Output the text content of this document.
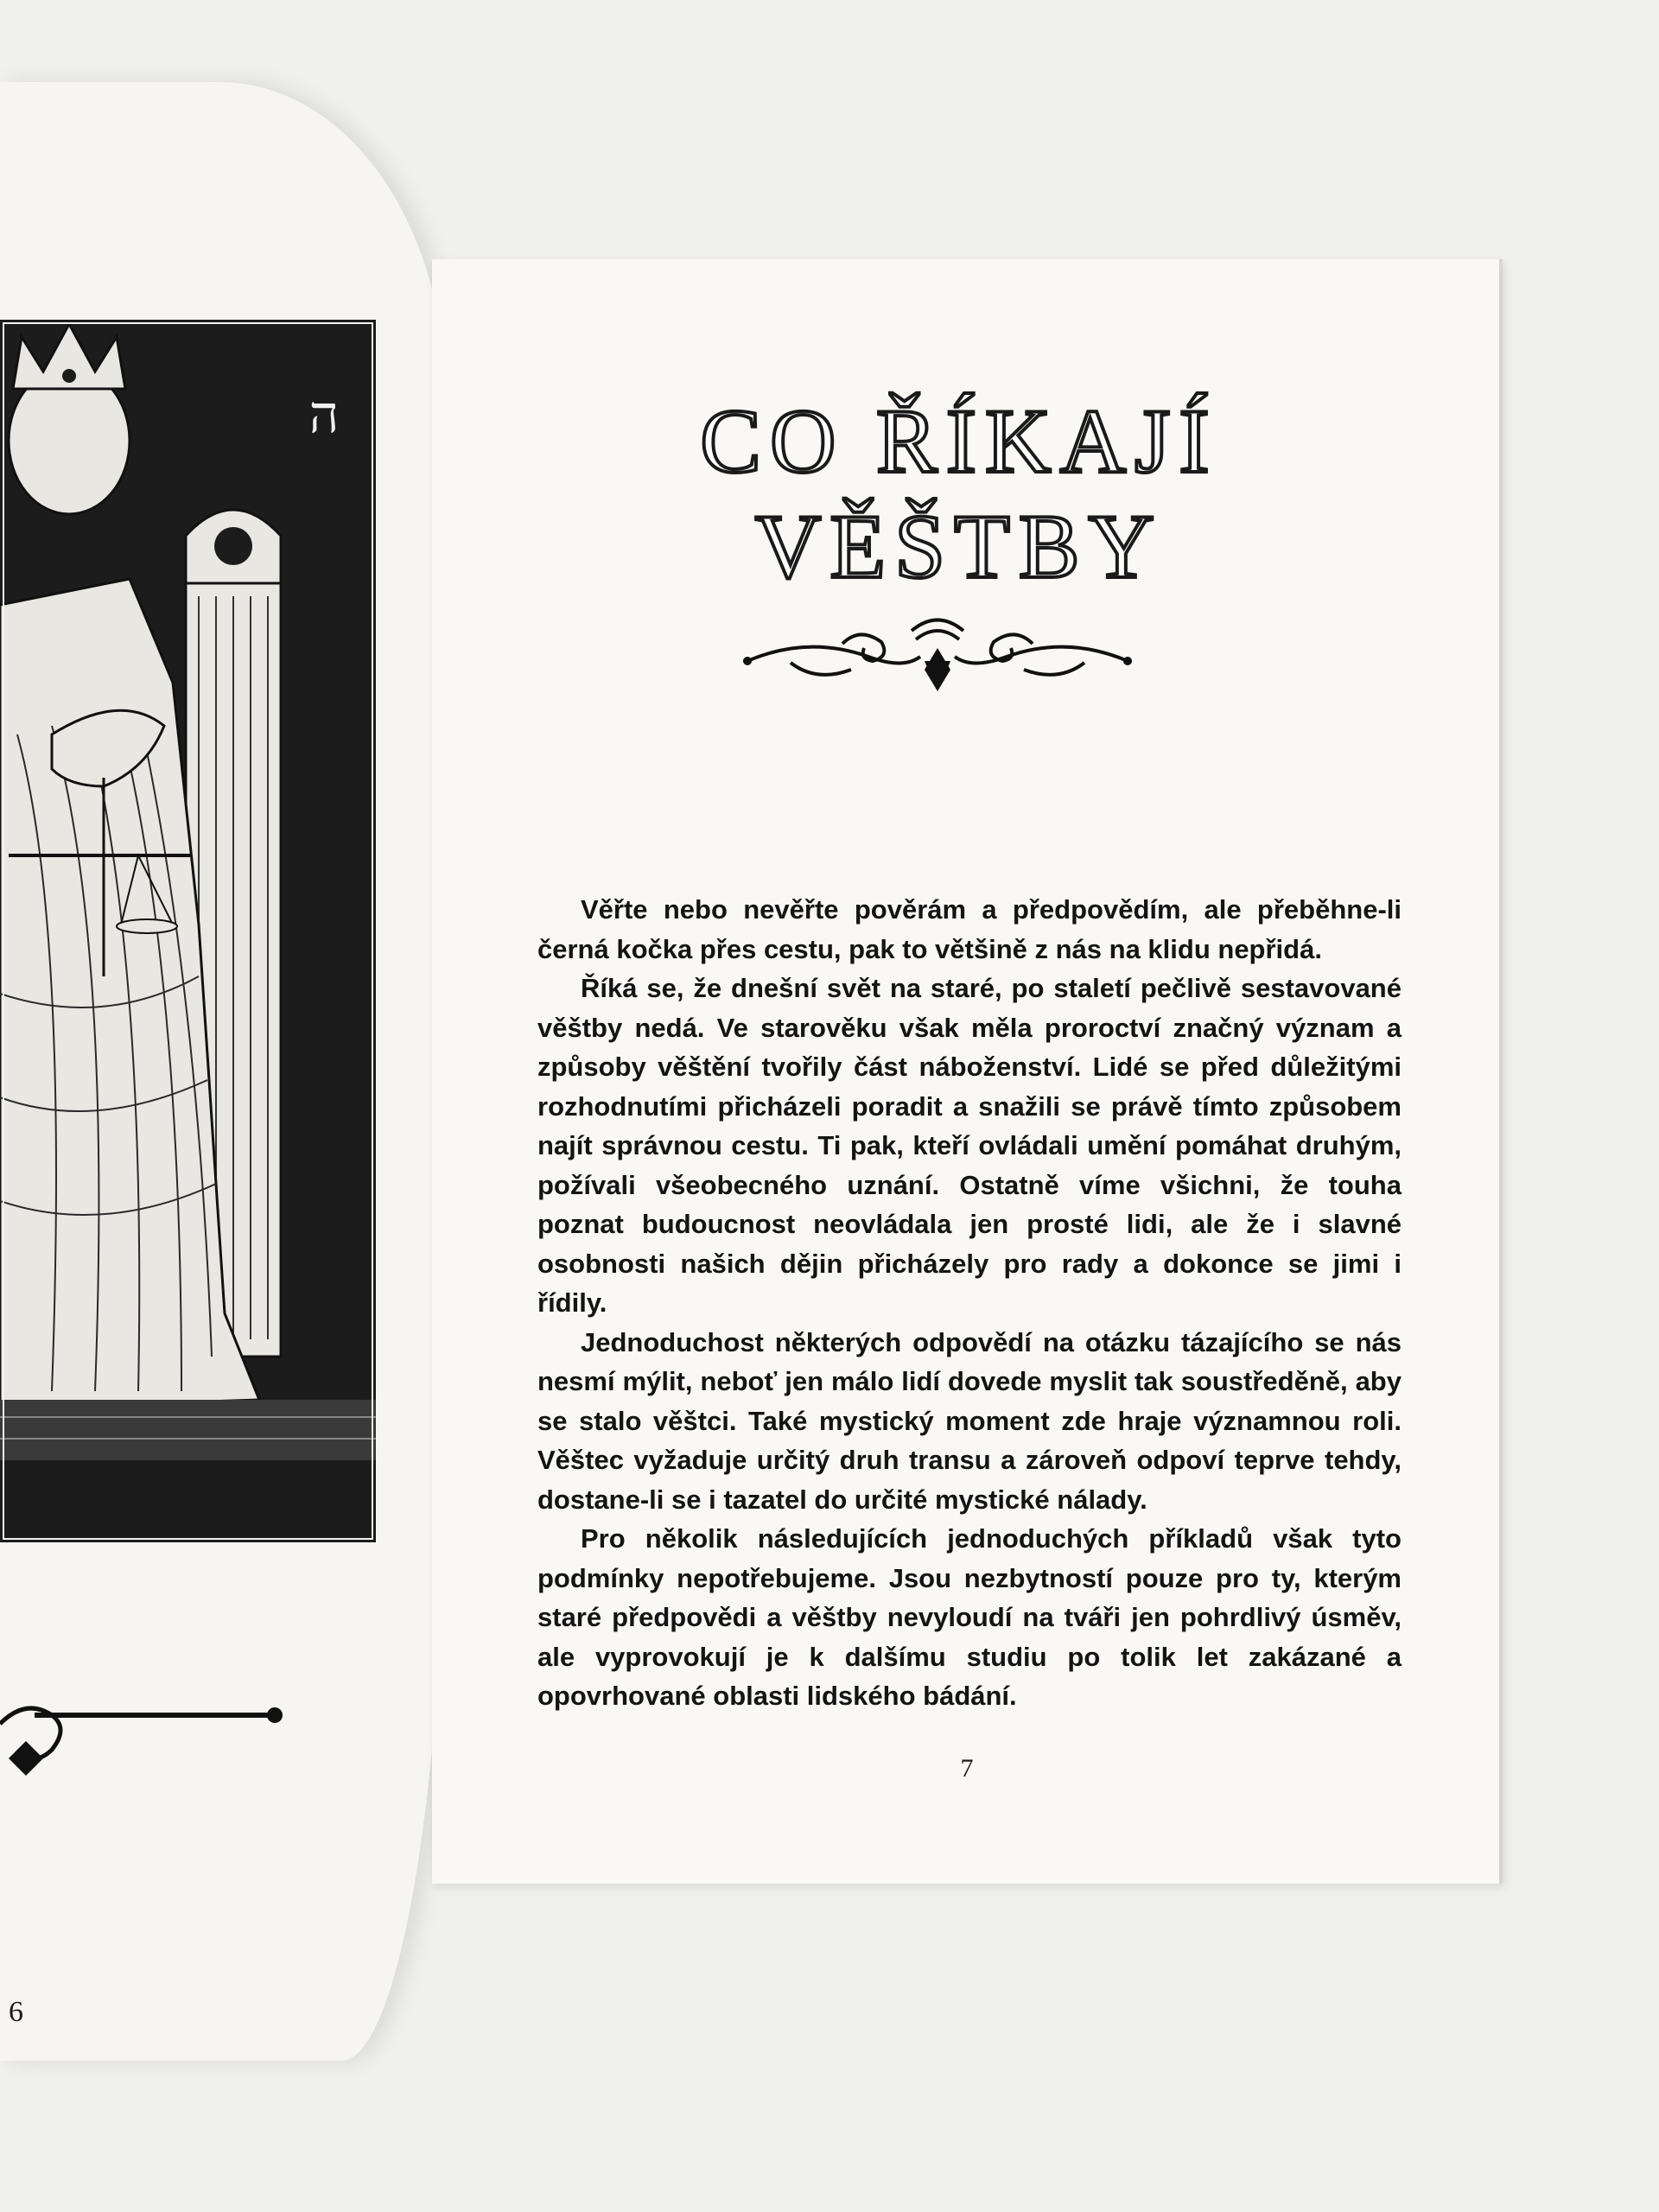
ה
6
CO ŘÍKAJÍ VĚŠTBY

Věřte nebo nevěřte pověrám a předpovědím, ale přeběhne-li černá kočka přes cestu, pak to většině z nás na klidu nepřidá.

Říká se, že dnešní svět na staré, po staletí pečlivě sestavované věštby nedá. Ve starověku však měla proroctví značný význam a způsoby věštění tvořily část náboženství. Lidé se před důležitými rozhodnutími přicházeli poradit a snažili se právě tímto způsobem najít správnou cestu. Ti pak, kteří ovládali umění pomáhat druhým, požívali všeobecného uznání. Ostatně víme všichni, že touha poznat budoucnost neovládala jen prosté lidi, ale že i slavné osobnosti našich dějin přicházely pro rady a dokonce se jimi i řídily.

Jednoduchost některých odpovědí na otázku tázajícího se nás nesmí mýlit, neboť jen málo lidí dovede myslit tak soustředěně, aby se stalo věštci. Také mystický moment zde hraje významnou roli. Věštec vyžaduje určitý druh transu a zároveň odpoví teprve tehdy, dostane-li se i tazatel do určité mystické nálady.

Pro několik následujících jednoduchých příkladů však tyto podmínky nepotřebujeme. Jsou nezbytností pouze pro ty, kterým staré předpovědi a věštby nevyloudí na tváři jen pohrdlivý úsměv, ale vyprovokují je k dalšímu studiu po tolik let zakázané a opovrhované oblasti lidského bádání.

7
